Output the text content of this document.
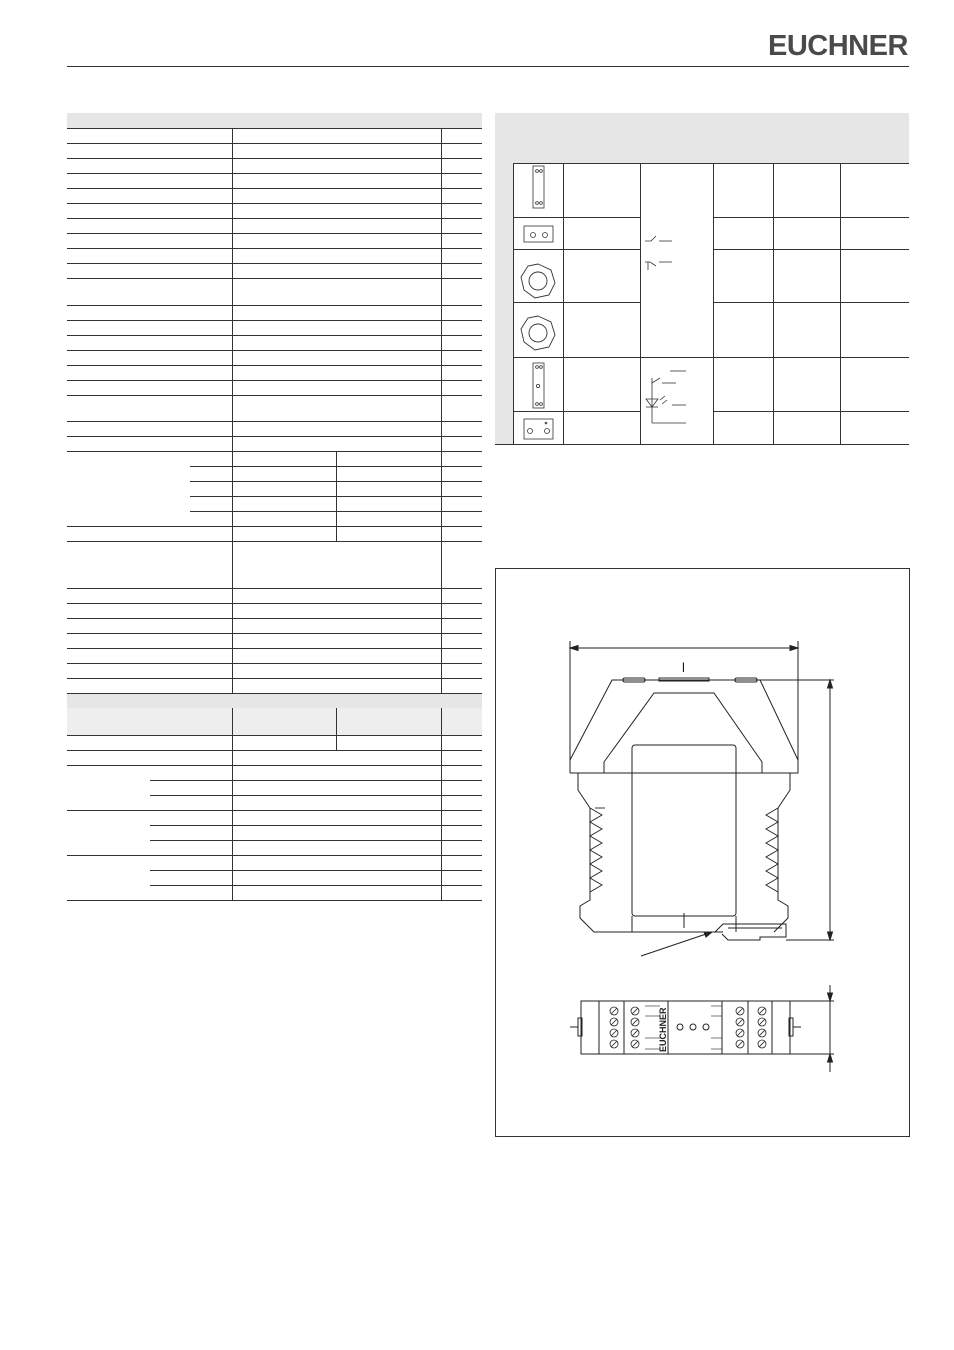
EUCHNER
l
EUCHNER
